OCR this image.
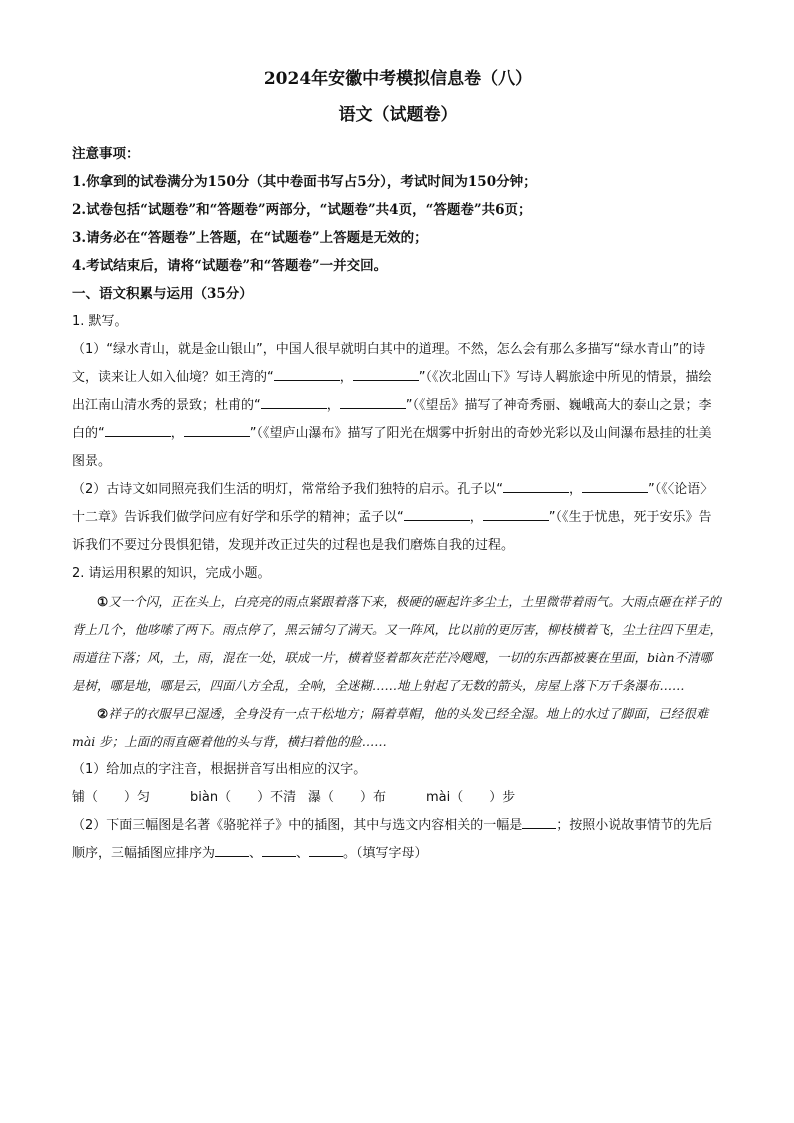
2024年安徽中考模拟信息卷（八）

语文（试题卷）

注意事项：

1.你拿到的试卷满分为150分（其中卷面书写占5分），考试时间为150分钟；

2.试卷包括“试题卷”和“答题卷”两部分，“试题卷”共4页，“答题卷”共6页；

3.请务必在“答题卷”上答题，在“试题卷”上答题是无效的；

4.考试结束后，请将“试题卷”和“答题卷”一并交回。

一、语文积累与运用（35分）

1. 默写。

（1）“绿水青山，就是金山银山”，中国人很早就明白其中的道理。不然，怎么会有那么多描写“绿水青山”的诗文，读来让人如入仙境？如王湾的“	，	”（《次北固山下》写诗人羁旅途中所见的情景，描绘出江南山清水秀的景致；杜甫的“	，	”（《望岳》描写了神奇秀丽、巍峨高大的泰山之景；李白的“	，	”（《望庐山瀑布》描写了阳光在烟雾中折射出的奇妙光彩以及山间瀑布悬挂的壮美图景。

（2）古诗文如同照亮我们生活的明灯，常常给予我们独特的启示。孔子以“	，	”（《〈论语〉十二章》告诉我们做学问应有好学和乐学的精神；孟子以“	，	”（《生于忧患，死于安乐》告诉我们不要过分畏惧犯错，发现并改正过失的过程也是我们磨炼自我的过程。

2. 请运用积累的知识，完成小题。

①又一个闪，正在头上，白亮亮的雨点紧跟着落下来，极硬的砸起许多尘土，土里微带着雨气。大雨点砸在祥子的背上几个，他哆嗦了两下。雨点停了，黑云铺匀了满天。又一阵风，比以前的更厉害，柳枝横着飞，尘土往四下里走，雨道往下落；风，土，雨，混在一处，联成一片，横着竖着都灰茫茫冷飕飕，一切的东西都被裹在里面，biàn不清哪是树，哪是地，哪是云，四面八方全乱，全响，全迷糊……地上射起了无数的箭头，房屋上落下万千条瀑布……

②祥子的衣服早已湿透，全身没有一点干松地方；隔着草帽，他的头发已经全湿。地上的水过了脚面，已经很难 mài 步；上面的雨直砸着他的头与背，横扫着他的脸……

（1）给加点的字注音，根据拼音写出相应的汉字。

铺（　　）匀	biàn（　　）不清 瀑（　　）布	mài（　　）步

（2）下面三幅图是名著《骆驼祥子》中的插图，其中与选文内容相关的一幅是	；按照小说故事情节的先后顺序，三幅插图应排序为	、	、	。（填写字母）
